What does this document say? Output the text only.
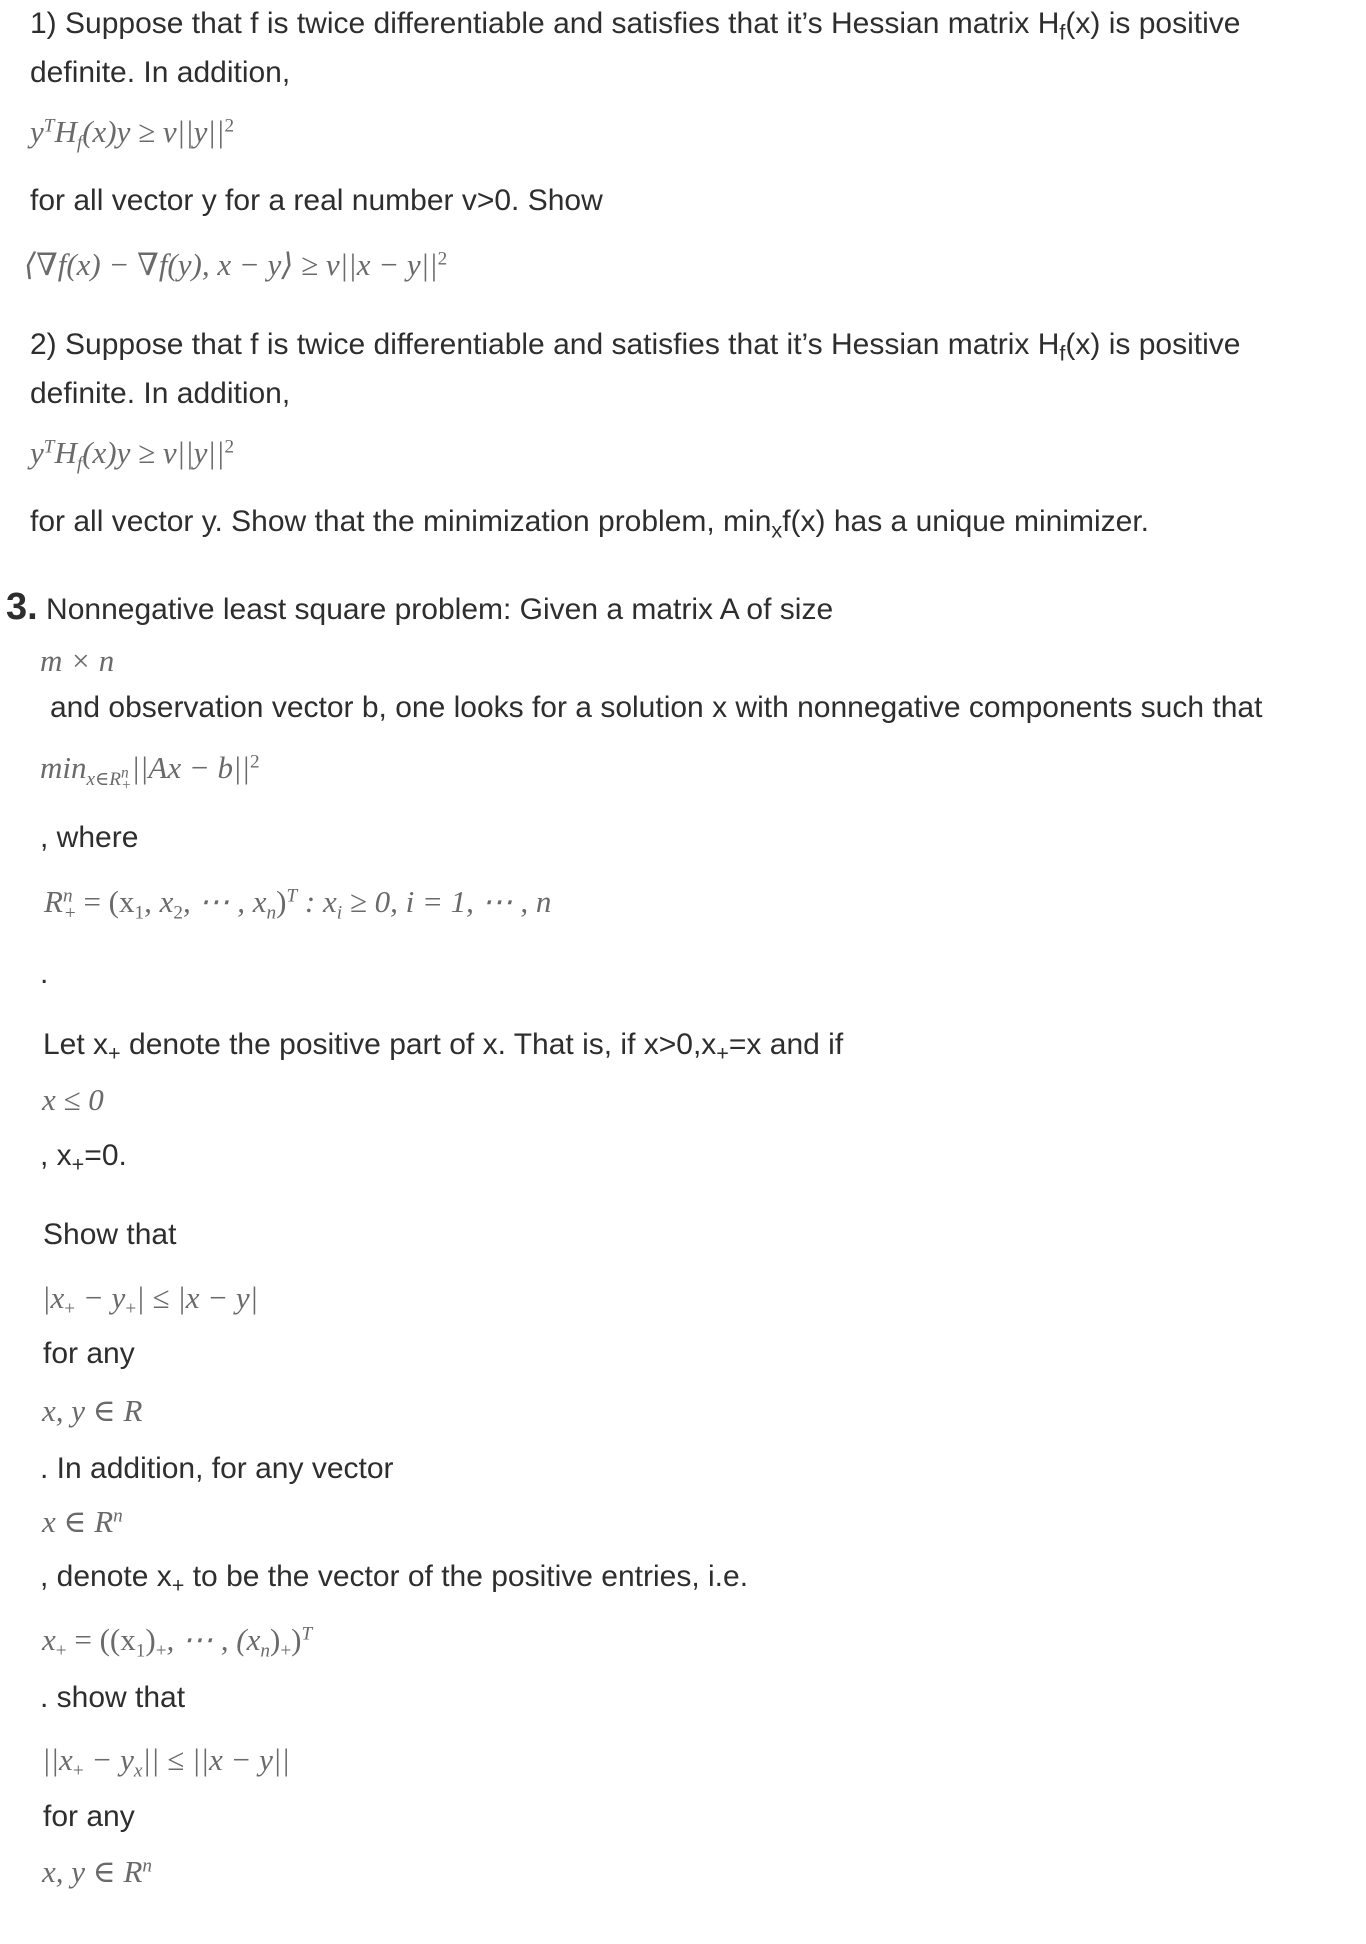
1) Suppose that f is twice differentiable and satisfies that it’s Hessian matrix $H_f(x)$ is positive
definite. In addition,
$y^TH_f(x)y \ge v||y||^2$
for all vector y for a real number v>0. Show
⟨∇f(x) − ∇f(y), x − y⟩ ≥ $v||x - y||^2$
2) Suppose that f is twice differentiable and satisfies that it’s Hessian matrix $H_f(x)$ is positive
definite. In addition,
$y^TH_f(x)y \ge v||y||^2$
for all vector y. Show that the minimization problem, $\min_xf(x)$ has a unique minimizer.
3. Nonnegative least square problem: Given a matrix A of size
m × n
and observation vector b, one looks for a solution x with nonnegative components such that
$\min_{x\in R^n_+}||Ax - b||^2$
, where
$R^n_+ = (x_1$, $x_2$, ⋯ , $x_n)^T$ : $x_i \ge 0$, i = 1, ⋯ , n
.
Let $x_+$ denote the positive part of x. That is, if $x>0,x_+=x$ and if
x ≤ 0
, $x_+=0$.
Show that
$|x_+ - y_+| \le |x - y|$
for any
x, y ∈ R
. In addition, for any vector
x ∈ $R^n$
, denote $x_+$ to be the vector of the positive entries, i.e.
$x_+ = ((x_1)_+$, ⋯ , $(x_n)_+)^T$
. show that
$||x_+ - y_x|| \le ||x - y||$
for any
x, y ∈ $R^n$
